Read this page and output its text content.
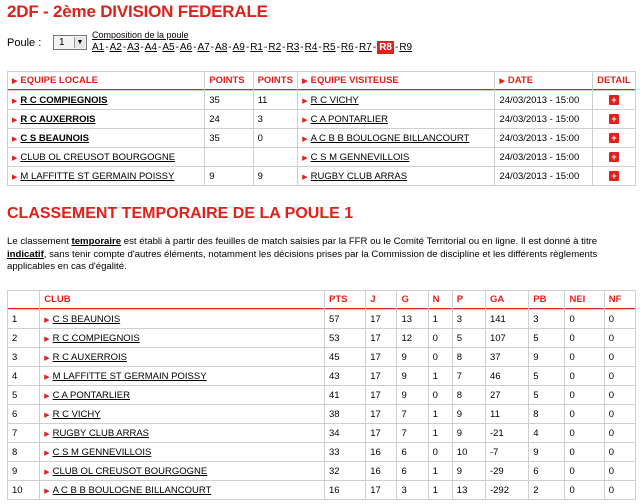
2DF - 2ème DIVISION FEDERALE
Poule :	1	▼
Composition de la poule
A1-A2-A3-A4-A5-A6-A7-A8-A9-R1-R2-R3-R4-R5-R6-R7- R8 -R9
▶ EQUIPE LOCALE	POINTS	POINTS	▶ EQUIPE VISITEUSE	▶ DATE	DETAIL
▶ R C COMPIEGNOIS	35	11	▶ R C VICHY	24/03/2013 - 15:00	+
▶ R C AUXERROIS	24	3	▶ C A PONTARLIER	24/03/2013 - 15:00	+
▶ C S BEAUNOIS	35	0	▶ A C B B BOULOGNE BILLANCOURT	24/03/2013 - 15:00	+
▶ CLUB OL CREUSOT BOURGOGNE			▶ C S M GENNEVILLOIS	24/03/2013 - 15:00	+
▶ M LAFFITTE ST GERMAIN POISSY	9	9	▶ RUGBY CLUB ARRAS	24/03/2013 - 15:00	+
CLASSEMENT TEMPORAIRE DE LA POULE 1
Le classement temporaire est établi à partir des feuilles de match saisies par la FFR ou le Comité Territorial ou en ligne. Il est donné à titre indicatif, sans tenir compte d'autres éléments, notamment les décisions prises par la Commission de discipline et les différents règlements applicables en cas d'égalité.
	CLUB	PTS	J	G	N	P	GA	PB	NEI	NF
1	▶ C S BEAUNOIS	57	17	13	1	3	141	3	0	0
2	▶ R C COMPIEGNOIS	53	17	12	0	5	107	5	0	0
3	▶ R C AUXERROIS	45	17	9	0	8	37	9	0	0
4	▶ M LAFFITTE ST GERMAIN POISSY	43	17	9	1	7	46	5	0	0
5	▶ C A PONTARLIER	41	17	9	0	8	27	5	0	0
6	▶ R C VICHY	38	17	7	1	9	11	8	0	0
7	▶ RUGBY CLUB ARRAS	34	17	7	1	9	-21	4	0	0
8	▶ C S M GENNEVILLOIS	33	16	6	0	10	-7	9	0	0
9	▶ CLUB OL CREUSOT BOURGOGNE	32	16	6	1	9	-29	6	0	0
10	▶ A C B B BOULOGNE BILLANCOURT	16	17	3	1	13	-292	2	0	0
